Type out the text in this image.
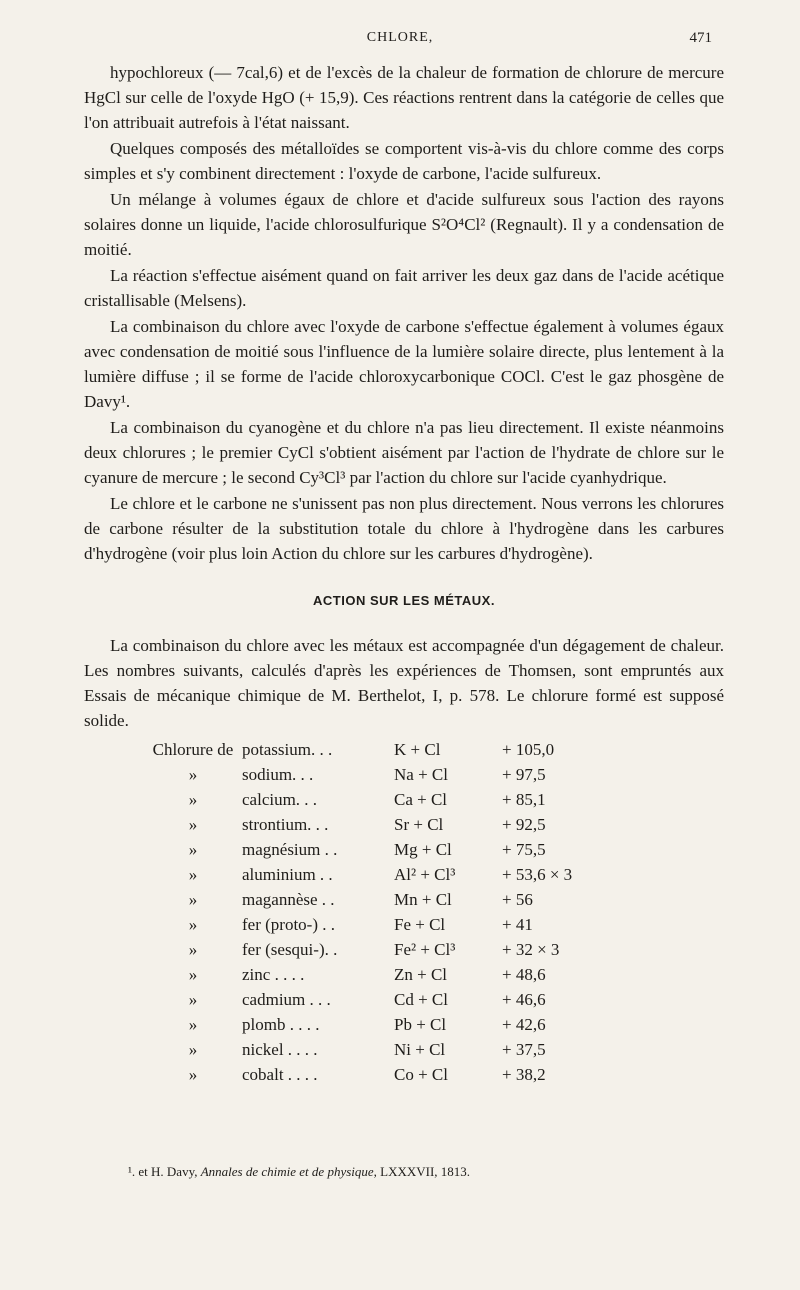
CHLORE,	471

hypochloreux (— 7cal,6) et de l'excès de la chaleur de formation de chlorure de mercure HgCl sur celle de l'oxyde HgO (+ 15,9). Ces réactions rentrent dans la catégorie de celles que l'on attribuait autrefois à l'état naissant.

Quelques composés des métalloïdes se comportent vis-à-vis du chlore comme des corps simples et s'y combinent directement : l'oxyde de carbone, l'acide sulfureux.

Un mélange à volumes égaux de chlore et d'acide sulfureux sous l'action des rayons solaires donne un liquide, l'acide chlorosulfurique S²O⁴Cl² (Regnault). Il y a condensation de moitié.

La réaction s'effectue aisément quand on fait arriver les deux gaz dans de l'acide acétique cristallisable (Melsens).

La combinaison du chlore avec l'oxyde de carbone s'effectue également à volumes égaux avec condensation de moitié sous l'influence de la lumière solaire directe, plus lentement à la lumière diffuse ; il se forme de l'acide chloroxycarbonique COCl. C'est le gaz phosgène de Davy¹.

La combinaison du cyanogène et du chlore n'a pas lieu directement. Il existe néanmoins deux chlorures ; le premier CyCl s'obtient aisément par l'action de l'hydrate de chlore sur le cyanure de mercure ; le second Cy³Cl³ par l'action du chlore sur l'acide cyanhydrique.

Le chlore et le carbone ne s'unissent pas non plus directement. Nous verrons les chlorures de carbone résulter de la substitution totale du chlore à l'hydrogène dans les carbures d'hydrogène (voir plus loin Action du chlore sur les carbures d'hydrogène).

ACTION SUR LES MÉTAUX.

La combinaison du chlore avec les métaux est accompagnée d'un dégagement de chaleur. Les nombres suivants, calculés d'après les expériences de Thomsen, sont empruntés aux Essais de mécanique chimique de M. Berthelot, I, p. 578. Le chlorure formé est supposé solide.

Chlorure de	potassium. . .	K + Cl	+ 105,0
»	sodium. . .	Na + Cl	+ 97,5
»	calcium. . .	Ca + Cl	+ 85,1
»	strontium. . .	Sr + Cl	+ 92,5
»	magnésium . .	Mg + Cl	+ 75,5
»	aluminium . .	Al² + Cl³	+ 53,6 × 3
»	magannèse . .	Mn + Cl	+ 56
»	fer (proto-) . .	Fe + Cl	+ 41
»	fer (sesqui-). .	Fe² + Cl³	+ 32 × 3
»	zinc . . . .	Zn + Cl	+ 48,6
»	cadmium . . .	Cd + Cl	+ 46,6
»	plomb . . . .	Pb + Cl	+ 42,6
»	nickel . . . .	Ni + Cl	+ 37,5
»	cobalt . . . .	Co + Cl	+ 38,2
¹. et H. Davy, Annales de chimie et de physique, LXXXVII, 1813.
